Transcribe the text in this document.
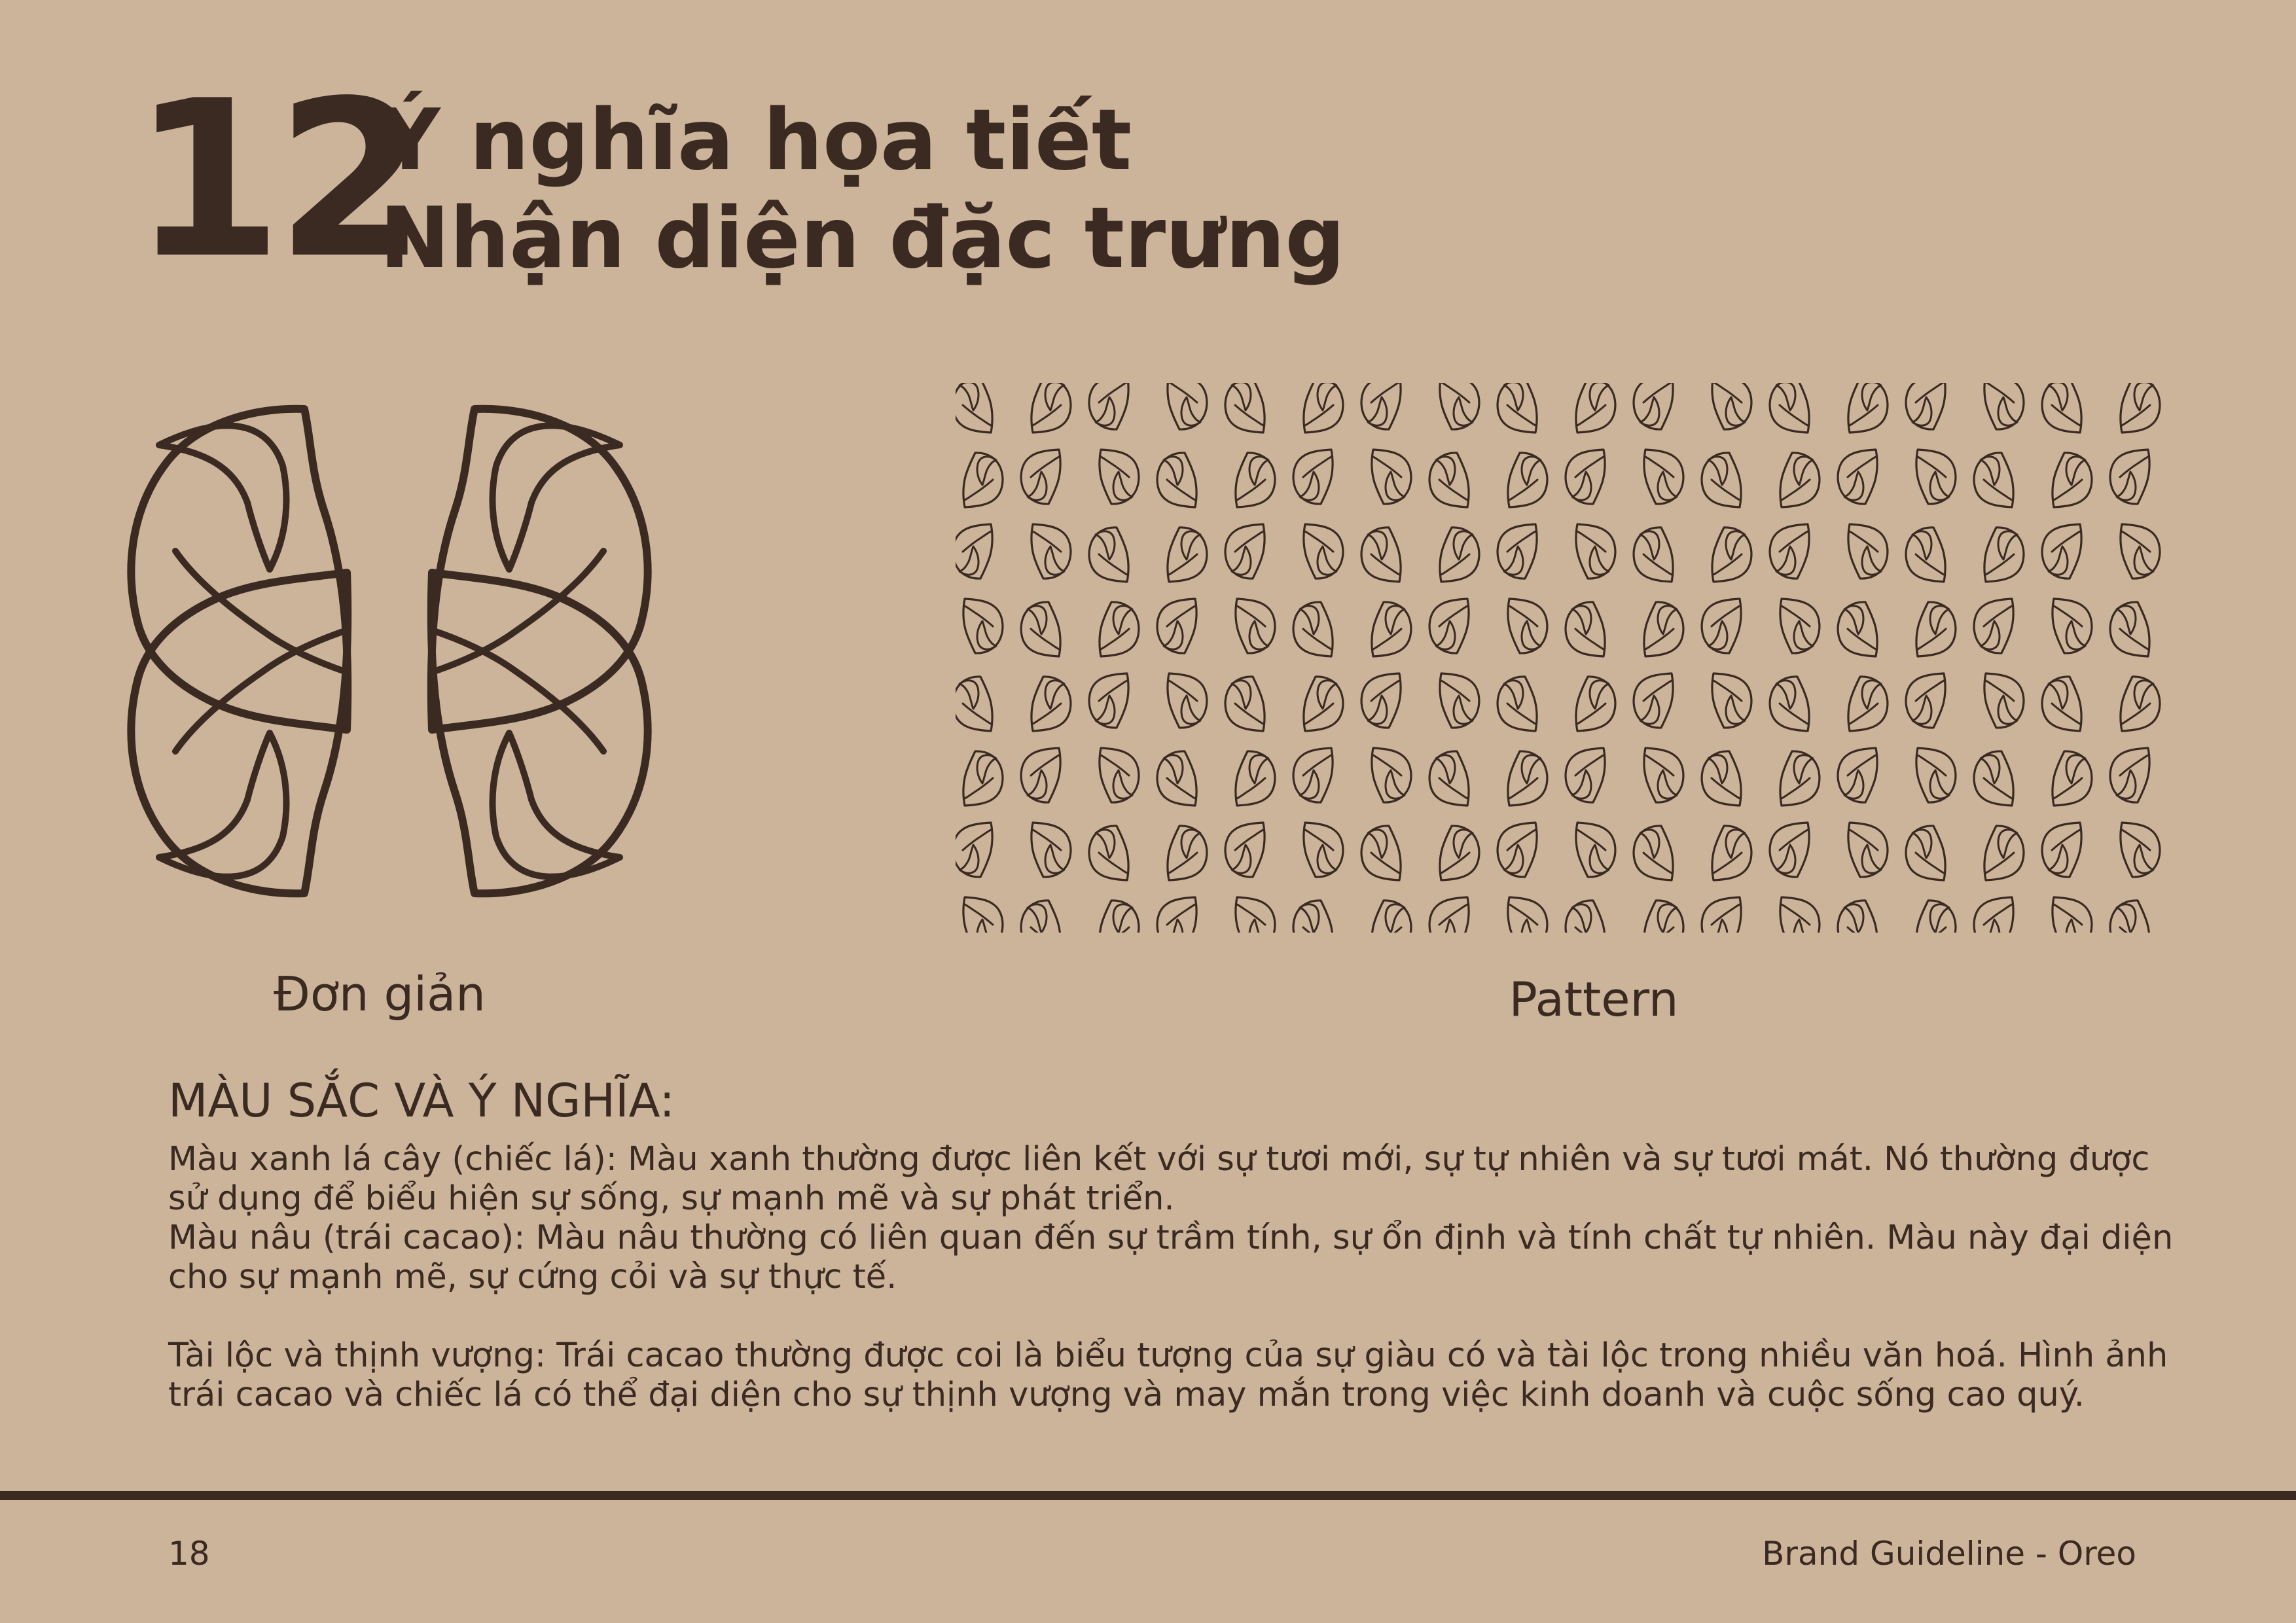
12
Ý nghĩa họa tiết
Nhận diện đặc trưng
Đơn giản	Pattern
MÀU SẮC VÀ Ý NGHĨA:

Màu xanh lá cây (chiếc lá): Màu xanh thường được liên kết với sự tươi mới, sự tự nhiên và sự tươi mát. Nó thường được sử dụng để biểu hiện sự sống, sự mạnh mẽ và sự phát triển.

Màu nâu (trái cacao): Màu nâu thường có liên quan đến sự trầm tính, sự ổn định và tính chất tự nhiên. Màu này đại diện cho sự mạnh mẽ, sự cứng cỏi và sự thực tế.

Tài lộc và thịnh vượng: Trái cacao thường được coi là biểu tượng của sự giàu có và tài lộc trong nhiều văn hoá. Hình ảnh trái cacao và chiếc lá có thể đại diện cho sự thịnh vượng và may mắn trong việc kinh doanh và cuộc sống cao quý.

18	Brand Guideline - Oreo
